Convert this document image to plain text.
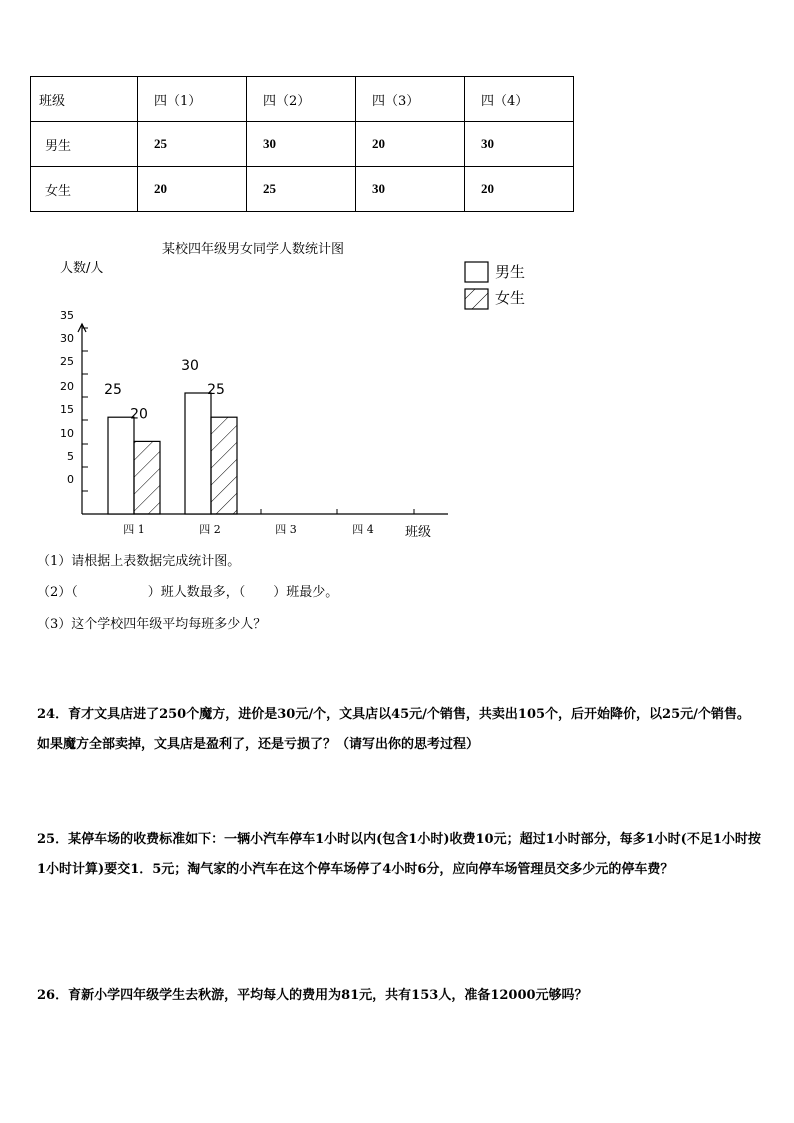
班级	四（1）	四（2）	四（3）	四（4）
男生	25	30	20	30
女生	20	25	30	20
某校四年级男女同学人数统计图
人数/人
班级
男生
女生
35
30
25
20
15
10
5
0
25
30
20
25
四 1	四 2	四 3	四 4
（1）请根据上表数据完成统计图。
（2）（	）班人数最多，（ ）班最少。
（3）这个学校四年级平均每班多少人？
24．育才文具店进了250个魔方，进价是30元/个，文具店以45元/个销售，共卖出105个，后开始降价，以25元/个销售。如果魔方全部卖掉，文具店是盈利了，还是亏损了？（请写出你的思考过程）
25．某停车场的收费标准如下：一辆小汽车停车1小时以内(包含1小时)收费10元；超过1小时部分，每多1小时(不足1小时按1小时计算)要交1．5元；淘气家的小汽车在这个停车场停了4小时6分，应向停车场管理员交多少元的停车费？
26．育新小学四年级学生去秋游，平均每人的费用为81元，共有153人，准备12000元够吗？
